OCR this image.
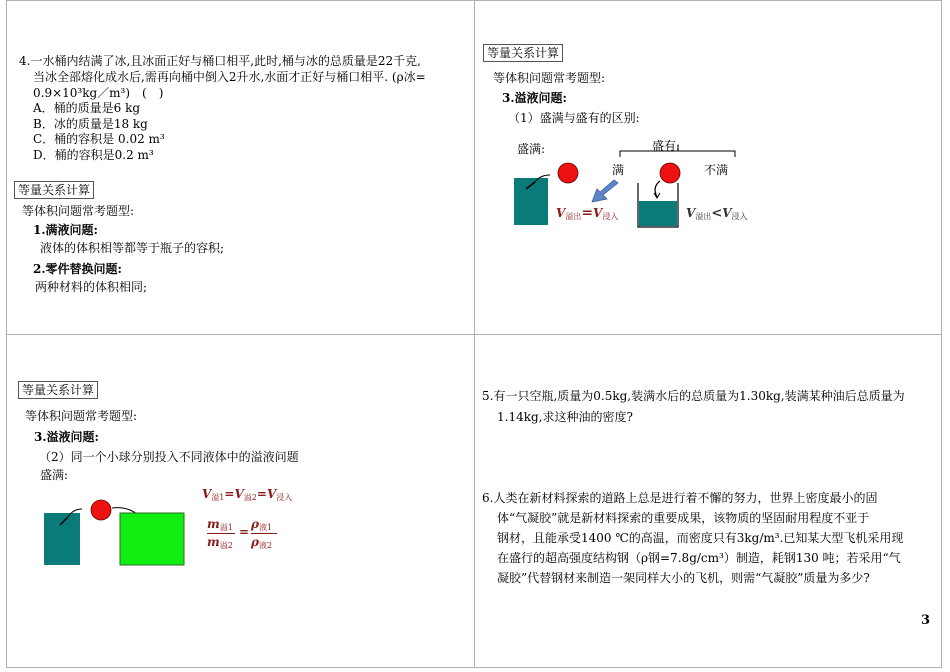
4.一水桶内结满了冰,且冰面正好与桶口相平,此时,桶与冰的总质量是22千克,
当冰全部熔化成水后,需再向桶中倒入2升水,水面才正好与桶口相平. (ρ冰=
0.9×10³kg／m³)　(　)
A．桶的质量是6 kg
B．冰的质量是18 kg
C．桶的容积是 0.02 m³
D．桶的容积是0.2 m³
等量关系计算
等体积问题常考题型:
1.满液问题:
液体的体积相等都等于瓶子的容积;
2.零件替换问题:
两种材料的体积相同;
等量关系计算
等体积问题常考题型:
3.溢液问题:
（1）盛满与盛有的区别:
盛满:	盛有:
满	不满
$V_{溢出}=V_{浸入}$	$V_{溢出}<V_{浸入}$
等量关系计算
等体积问题常考题型:
3.溢液问题:
（2）同一个小球分别投入不同液体中的溢液问题
盛满:
$V_{溢1}=V_{溢2}=V_{浸入}$
$m_{溢1}$
$m_{溢2}$
=
$\rho_{液1}$
$\rho_{液2}$
5.有一只空瓶,质量为0.5kg,装满水后的总质量为1.30kg,装满某种油后总质量为
1.14kg,求这种油的密度?
6.人类在新材料探索的道路上总是进行着不懈的努力，世界上密度最小的固
体“气凝胶”就是新材料探索的重要成果，该物质的坚固耐用程度不亚于
钢材，且能承受1400 ℃的高温，而密度只有3kg/m³.已知某大型飞机采用现
在盛行的超高强度结构钢（ρ钢=7.8g/cm³）制造，耗钢130 吨；若采用“气
凝胶”代替钢材来制造一架同样大小的飞机，则需“气凝胶”质量为多少?
3
